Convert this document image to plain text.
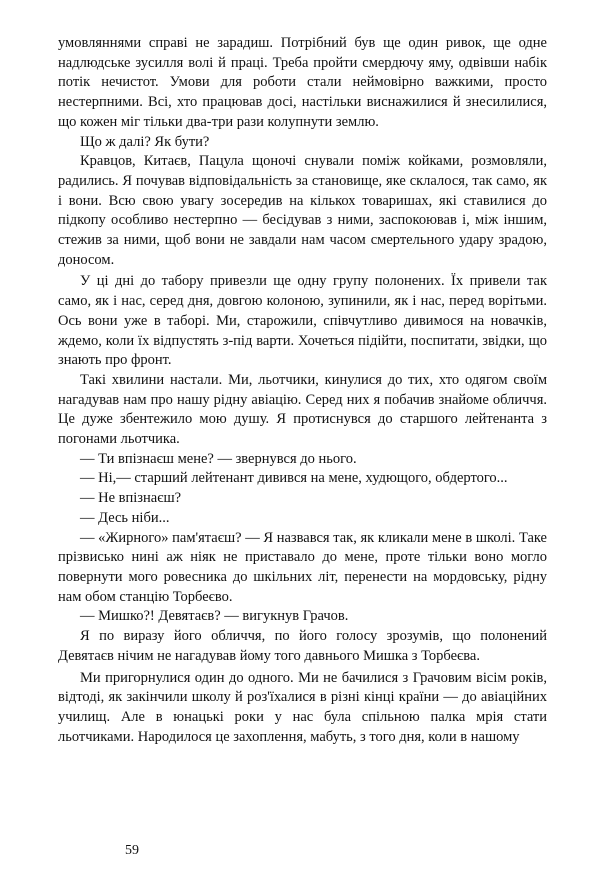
умовляннями справі не зарадиш. Потрібний був ще один ривок, ще одне надлюдське зусилля волі й праці. Треба пройти смердючу яму, одвівши набік потік нечистот. Умови для роботи стали неймовірно важкими, просто нестерпними. Всі, хто працював досі, настільки виснажилися й знесилилися, що кожен міг тільки два-три рази колупнути землю.

Що ж далі? Як бути?

Кравцов, Китаєв, Пацула щоночі снували поміж койками, розмовляли, радились. Я почував відповідальність за становище, яке склалося, так само, як і вони. Всю свою увагу зосередив на кількох товаришах, які ставилися до підкопу особливо нестерпно — бесідував з ними, заспокоював і, між іншим, стежив за ними, щоб вони не завдали нам часом смертельного удару зрадою, доносом.

У ці дні до табору привезли ще одну групу полонених. Їх привели так само, як і нас, серед дня, довгою колоною, зупинили, як і нас, перед ворітьми. Ось вони уже в таборі. Ми, старожили, співчутливо дивимося на новачків, ждемо, коли їх відпустять з-під варти. Хочеться підійти, поспитати, звідки, що знають про фронт.

Такі хвилини настали. Ми, льотчики, кинулися до тих, хто одягом своїм нагадував нам про нашу рідну авіацію. Серед них я побачив знайоме обличчя. Це дуже збентежило мою душу. Я протиснувся до старшого лейтенанта з погонами льотчика.

— Ти впізнаєш мене? — звернувся до нього.

— Ні,— старший лейтенант дивився на мене, худющого, обдертого...

— Не впізнаєш?

— Десь ніби...

— «Жирного» пам'ятаєш? — Я назвався так, як кликали мене в школі. Таке прізвисько нині аж ніяк не приставало до мене, проте тільки воно могло повернути мого ровесника до шкільних літ, перенести на мордовську, рідну нам обом станцію Торбеєво.

— Мишко?! Девятаєв? — вигукнув Грачов.

Я по виразу його обличчя, по його голосу зрозумів, що полонений Девятаєв нічим не нагадував йому того давнього Мишка з Торбеєва.

Ми пригорнулися один до одного. Ми не бачилися з Грачовим вісім років, відтоді, як закінчили школу й роз'їхалися в різні кінці країни — до авіаційних училищ. Але в юнацькі роки у нас була спільною палка мрія стати льотчиками. Народилося це захоплення, мабуть, з того дня, коли в нашому

59
